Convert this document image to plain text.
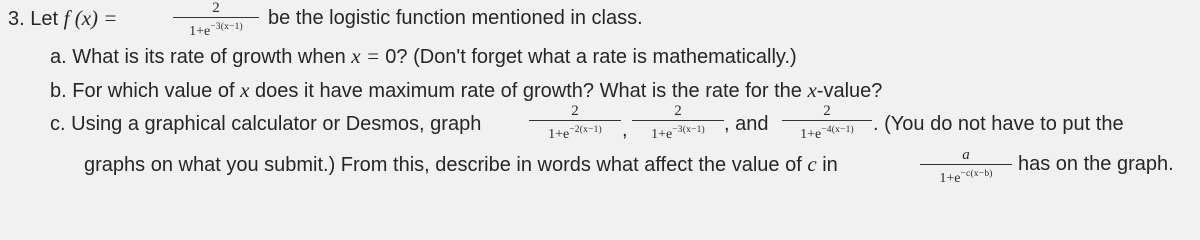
3. Let f (x) =	2
$1+e^{-3(x-1)}$ be the logistic function mentioned in class.
a. What is its rate of growth when x = 0? (Don't forget what a rate is mathematically.)
b. For which value of x does it have maximum rate of growth? What is the rate for the x-value?
c. Using a graphical calculator or Desmos, graph
2
$1+e^{-2(x-1)}$ ,
2
$1+e^{-3(x-1)}$ , and
2
$1+e^{-4(x-1)}$ . (You do not have to put the
graphs on what you submit.) From this, describe in words what affect the value of c in	a
$1+e^{-c(x-b)}$ has on the graph.
